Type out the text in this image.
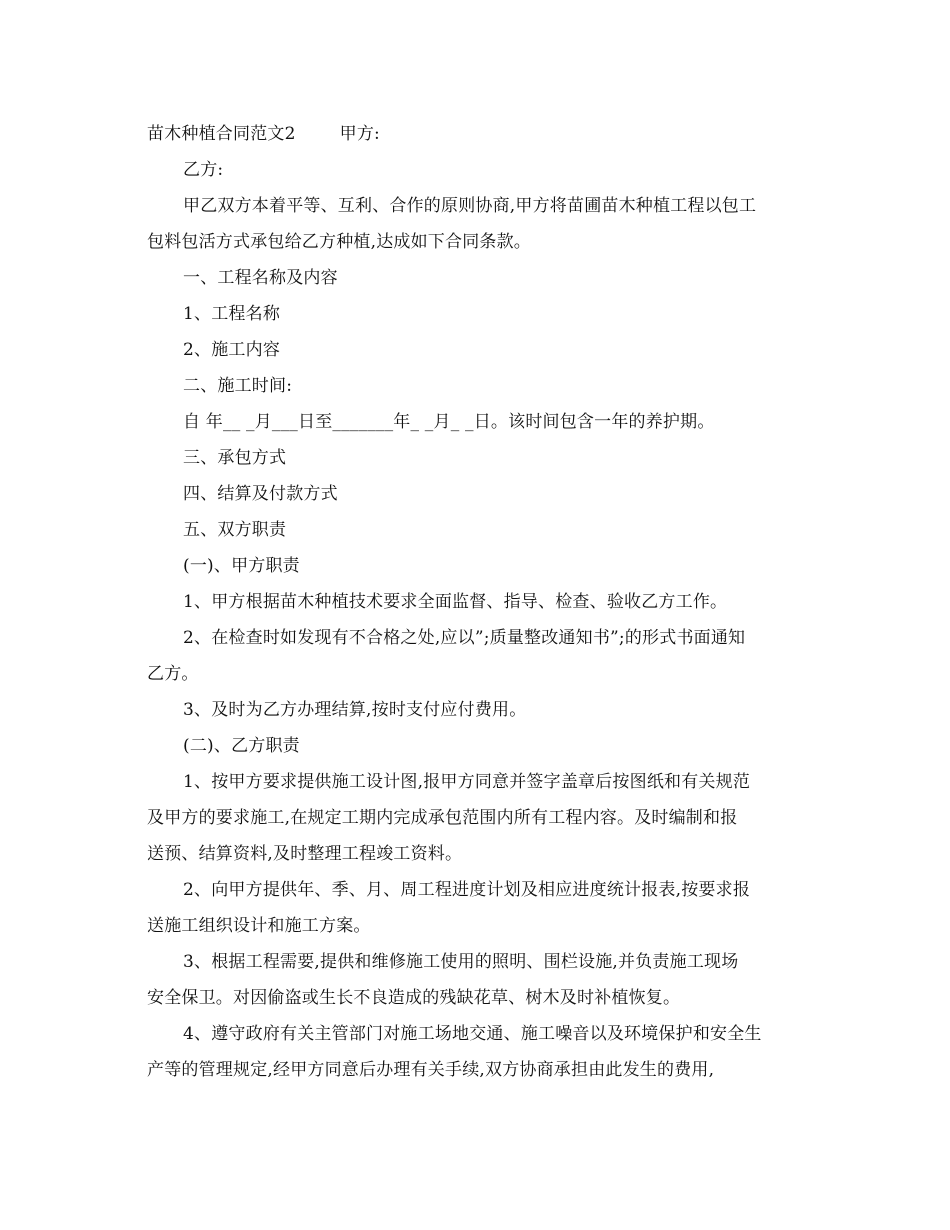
苗木种植合同范文2	甲方:
乙方:
甲乙双方本着平等、互利、合作的原则协商,甲方将苗圃苗木种植工程以包工
包料包活方式承包给乙方种植,达成如下合同条款。
一、工程名称及内容
1、工程名称
2、施工内容
二、施工时间:
自 年__ _月___日至_______年_ _月_ _日。该时间包含一年的养护期。
三、承包方式
四、结算及付款方式
五、双方职责
(一)、甲方职责
1、甲方根据苗木种植技术要求全面监督、指导、检查、验收乙方工作。
2、在检查时如发现有不合格之处,应以”;质量整改通知书”;的形式书面通知
乙方。
3、及时为乙方办理结算,按时支付应付费用。
(二)、乙方职责
1、按甲方要求提供施工设计图,报甲方同意并签字盖章后按图纸和有关规范
及甲方的要求施工,在规定工期内完成承包范围内所有工程内容。及时编制和报
送预、结算资料,及时整理工程竣工资料。
2、向甲方提供年、季、月、周工程进度计划及相应进度统计报表,按要求报
送施工组织设计和施工方案。
3、根据工程需要,提供和维修施工使用的照明、围栏设施,并负责施工现场
安全保卫。对因偷盗或生长不良造成的残缺花草、树木及时补植恢复。
4、遵守政府有关主管部门对施工场地交通、施工噪音以及环境保护和安全生
产等的管理规定,经甲方同意后办理有关手续,双方协商承担由此发生的费用,
